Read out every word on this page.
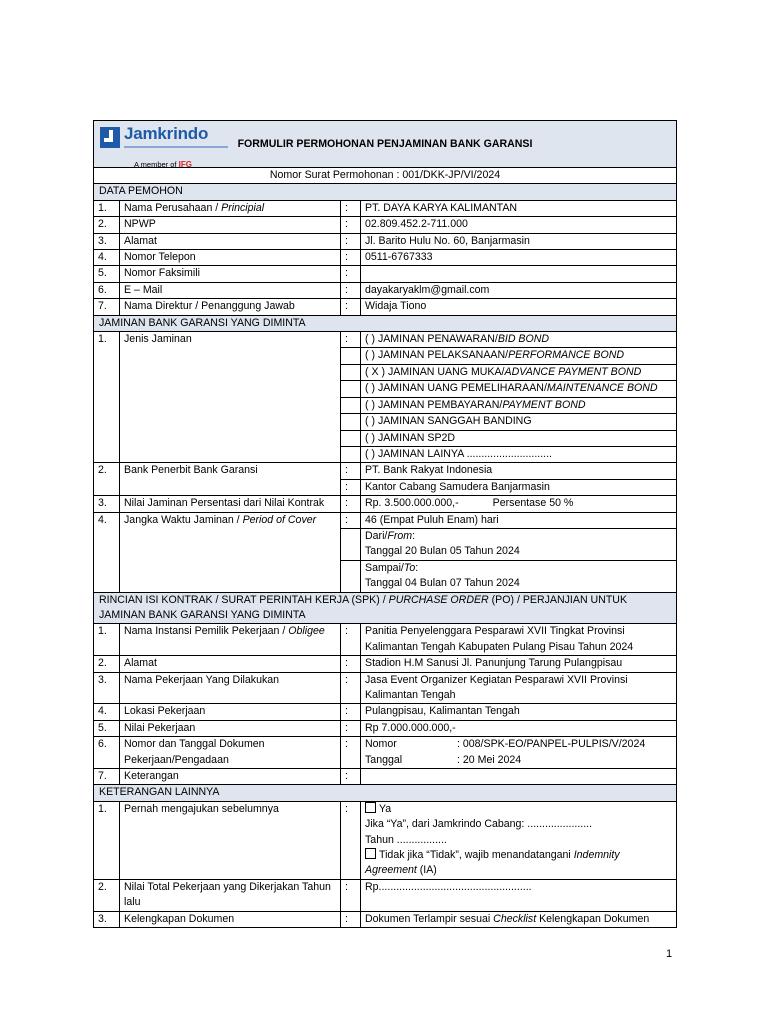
Jamkrindo
A member of IFG
FORMULIR PERMOHONAN PENJAMINAN BANK GARANSI			

Nomor Surat Permohonan : 001/DKK-JP/VI/2024			
DATA PEMOHON			
1.	Nama Perusahaan / Principial	:	PT. DAYA KARYA KALIMANTAN
2.	NPWP	:	02.809.452.2-711.000
3.	Alamat	:	Jl. Barito Hulu No. 60, Banjarmasin
4.	Nomor Telepon	:	0511-6767333
5.	Nomor Faksimili	:	
6.	E – Mail	:	dayakaryaklm@gmail.com
7.	Nama Direktur / Penanggung Jawab	:	Widaja Tiono
JAMINAN BANK GARANSI YANG DIMINTA			
1.	Jenis Jaminan	:	( ) JAMINAN PENAWARAN/BID BOND
			( ) JAMINAN PELAKSANAAN/PERFORMANCE BOND
			( X ) JAMINAN UANG MUKA/ADVANCE PAYMENT BOND
			( ) JAMINAN UANG PEMELIHARAAN/MAINTENANCE BOND
			( ) JAMINAN PEMBAYARAN/PAYMENT BOND
			( ) JAMINAN SANGGAH BANDING
			( ) JAMINAN SP2D
			( ) JAMINAN LAINYA .............................
2.	Bank Penerbit Bank Garansi	:	PT. Bank Rakyat Indonesia
		:	Kantor Cabang Samudera Banjarmasin
3.	Nilai Jaminan Persentasi dari Nilai Kontrak	:	Rp. 3.500.000.000,- Persentase 50 %
4.	Jangka Waktu Jaminan / Period of Cover	:	46 (Empat Puluh Enam) hari
			Dari/From:
Tanggal 20 Bulan 05 Tahun 2024
			Sampai/To:
Tanggal 04 Bulan 07 Tahun 2024
RINCIAN ISI KONTRAK / SURAT PERINTAH KERJA (SPK) / PURCHASE ORDER (PO) / PERJANJIAN UNTUK JAMINAN BANK GARANSI YANG DIMINTA			
1.	Nama Instansi Pemilik Pekerjaan / Obligee	:	Panitia Penyelenggara Pesparawi XVII Tingkat Provinsi Kalimantan Tengah Kabupaten Pulang Pisau Tahun 2024
2.	Alamat	:	Stadion H.M Sanusi Jl. Panunjung Tarung Pulangpisau
3.	Nama Pekerjaan Yang Dilakukan	:	Jasa Event Organizer Kegiatan Pesparawi XVII Provinsi Kalimantan Tengah
4.	Lokasi Pekerjaan	:	Pulangpisau, Kalimantan Tengah
5.	Nilai Pekerjaan	:	Rp 7.000.000.000,-
6.	Nomor dan Tanggal Dokumen Pekerjaan/Pengadaan	:	Nomor : 008/SPK-EO/PANPEL-PULPIS/V/2024
Tanggal : 20 Mei 2024

7.	Keterangan	:	
KETERANGAN LAINNYA			
1.	Pernah mengajukan sebelumnya	:	Ya
Jika “Ya”, dari Jamkrindo Cabang: ......................
Tahun .................
Tidak jika “Tidak”, wajib menandatangani Indemnity Agreement (IA)

2.	Nilai Total Pekerjaan yang Dikerjakan Tahun lalu	:	Rp....................................................
3.	Kelengkapan Dokumen	:	Dokumen Terlampir sesuai Checklist Kelengkapan Dokumen
1
